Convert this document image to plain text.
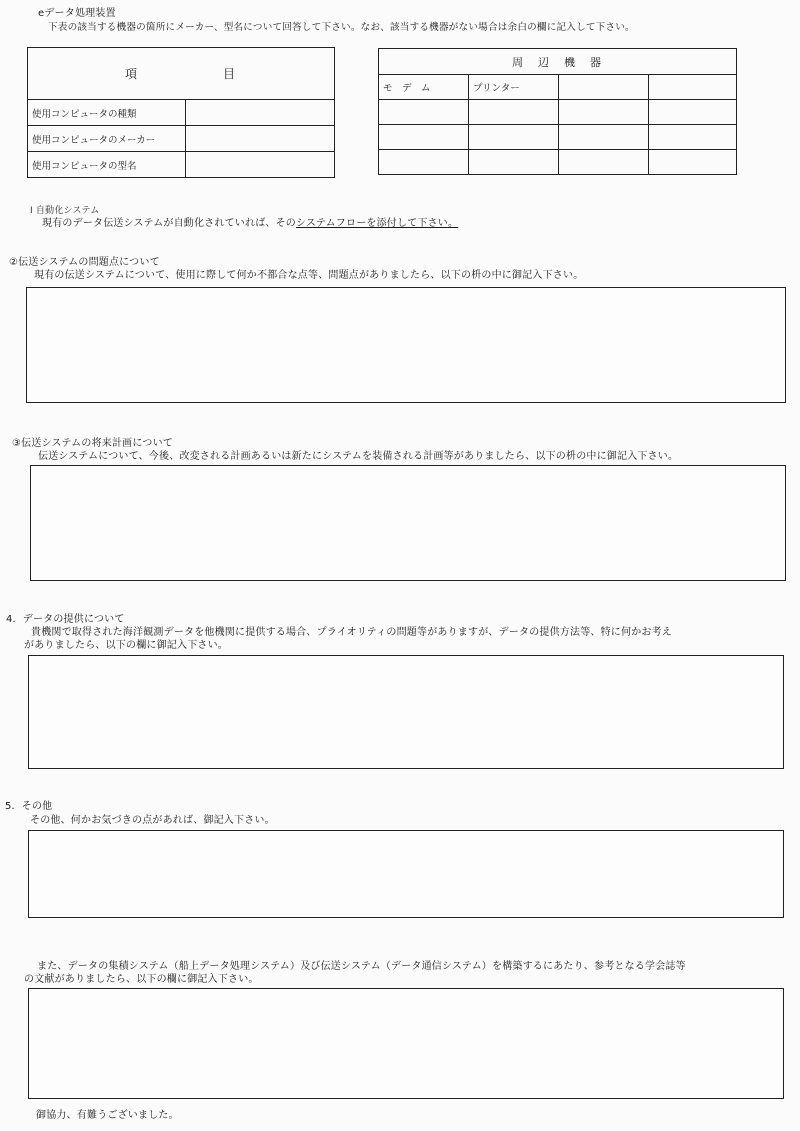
eデータ処理装置
下表の該当する機器の箇所にメーカー、型名について回答して下さい。なお、該当する機器がない場合は余白の欄に記入して下さい。
項　　　　　　目	
使用コンピュータの種類	
使用コンピュータのメーカー	
使用コンピュータの型名	
周　辺　機　器			
モ　デ　ム	プリンター		

I 自動化システム
現有のデータ伝送システムが自動化されていれば、そのシステムフローを添付して下さい。
②伝送システムの問題点について
現有の伝送システムについて、使用に際して何か不都合な点等、問題点がありましたら、以下の枡の中に御記入下さい。
③伝送システムの将来計画について
伝送システムについて、今後、改変される計画あるいは新たにシステムを装備される計画等がありましたら、以下の枡の中に御記入下さい。
4．データの提供について
貴機関で取得された海洋観測データを他機関に提供する場合、プライオリティの問題等がありますが、データの提供方法等、特に何かお考え
がありましたら、以下の欄に御記入下さい。
5．その他
その他、何かお気づきの点があれば、御記入下さい。
また、データの集積システム（船上データ処理システム）及び伝送システム（データ通信システム）を構築するにあたり、参考となる学会誌等
の文献がありましたら、以下の欄に御記入下さい。
御協力、有難うございました。
